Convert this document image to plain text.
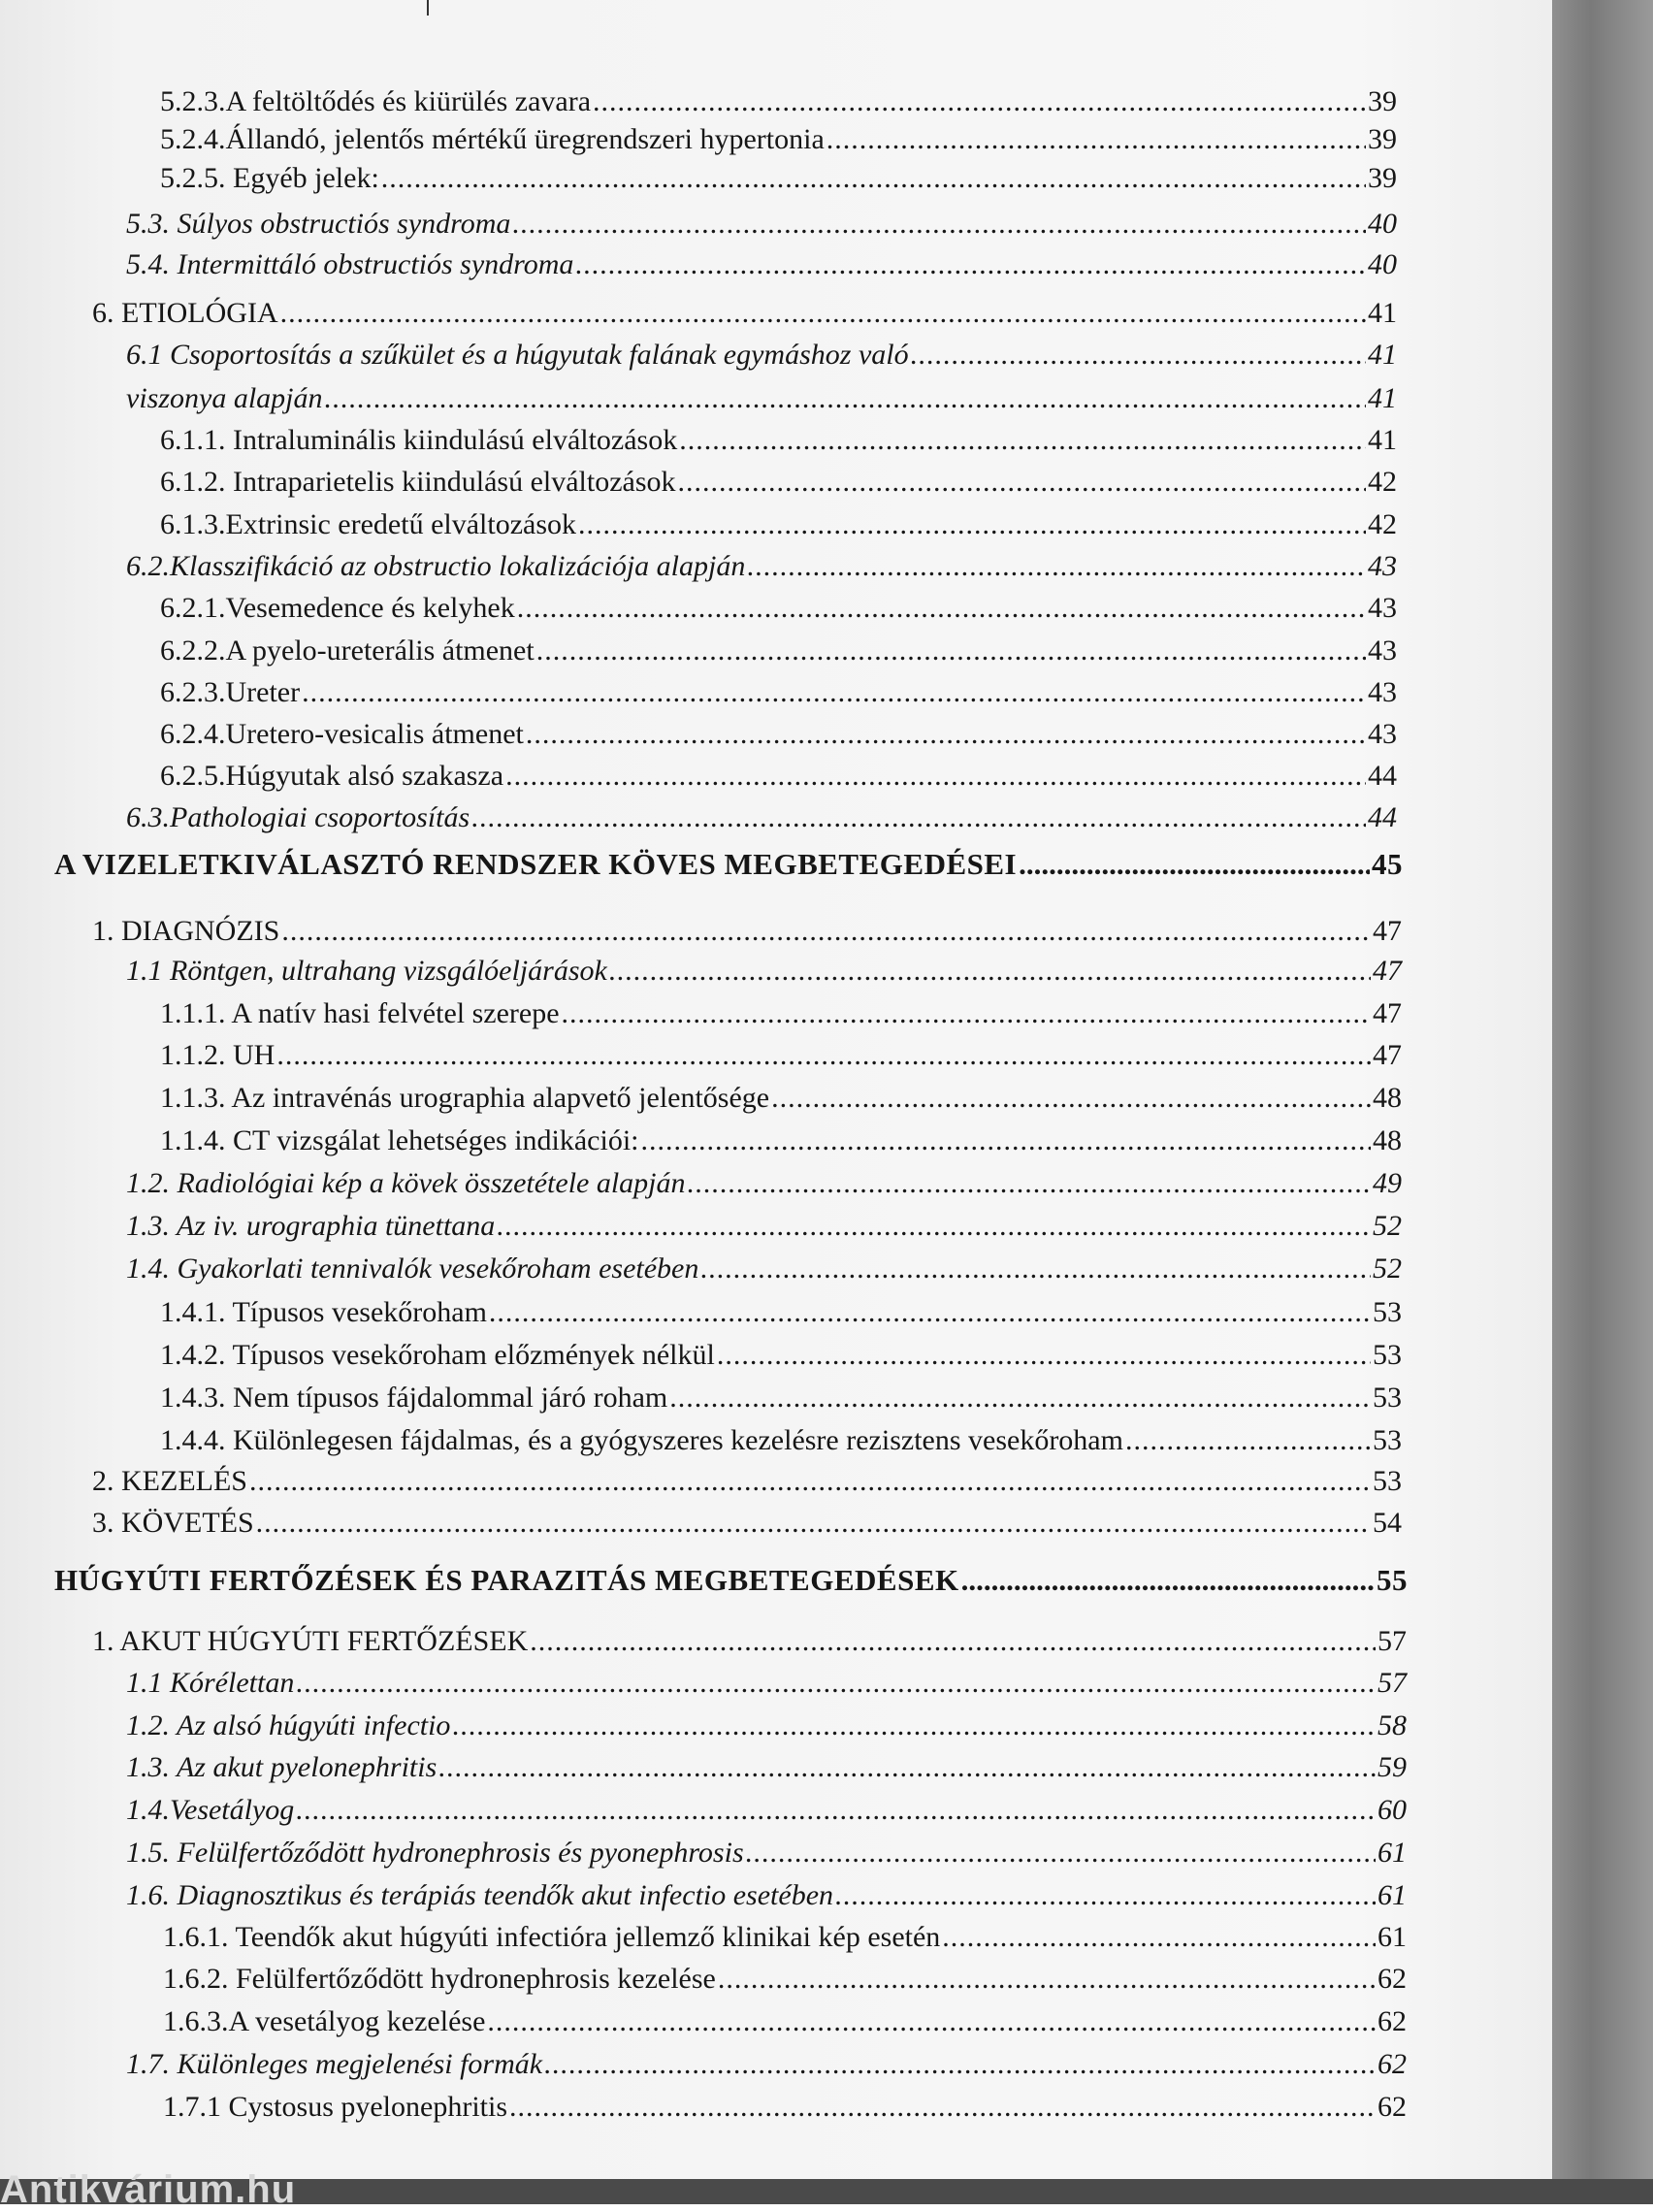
5.2.3.A feltöltődés és kiürülés zavara .....	39
5.2.4.Állandó, jelentős mértékű üregrendszeri hypertonia .....	39
5.2.5. Egyéb jelek: .....	39
5.3. Súlyos obstructiós syndroma .....	40
5.4. Intermittáló obstructiós syndroma .....	40
6. ETIOLÓGIA .....	41
6.1 Csoportosítás a szűkület és a húgyutak falának egymáshoz való .....	41
viszonya alapján .....	41
6.1.1. Intraluminális kiindulású elváltozások .....	41
6.1.2. Intraparietelis kiindulású elváltozások .....	42
6.1.3.Extrinsic eredetű elváltozások .....	42
6.2.Klasszifikáció az obstructio lokalizációja alapján .....	43
6.2.1.Vesemedence és kelyhek .....	43
6.2.2.A pyelo-ureterális átmenet .....	43
6.2.3.Ureter .....	43
6.2.4.Uretero-vesicalis átmenet .....	43
6.2.5.Húgyutak alsó szakasza .....	44
6.3.Pathologiai csoportosítás .....	44
A VIZELETKIVÁLASZTÓ RENDSZER KÖVES MEGBETEGEDÉSEI .....	45
1. DIAGNÓZIS .....	47
1.1 Röntgen, ultrahang vizsgálóeljárások .....	47
1.1.1. A natív hasi felvétel szerepe .....	47
1.1.2. UH .....	47
1.1.3. Az intravénás urographia alapvető jelentősége .....	48
1.1.4. CT vizsgálat lehetséges indikációi: .....	48
1.2. Radiológiai kép a kövek összetétele alapján .....	49
1.3. Az iv. urographia tünettana .....	52
1.4. Gyakorlati tennivalók vesekőroham esetében .....	52
1.4.1. Típusos vesekőroham .....	53
1.4.2. Típusos vesekőroham előzmények nélkül .....	53
1.4.3. Nem típusos fájdalommal járó roham .....	53
1.4.4. Különlegesen fájdalmas, és a gyógyszeres kezelésre rezisztens vesekőroham .....	53
2. KEZELÉS .....	53
3. KÖVETÉS .....	54
HÚGYÚTI FERTŐZÉSEK ÉS PARAZITÁS MEGBETEGEDÉSEK .....	55
1. AKUT HÚGYÚTI FERTŐZÉSEK .....	57
1.1 Kórélettan .....	57
1.2. Az alsó húgyúti infectio .....	58
1.3. Az akut pyelonephritis .....	59
1.4.Vesetályog .....	60
1.5. Felülfertőződött hydronephrosis és pyonephrosis .....	61
1.6. Diagnosztikus és terápiás teendők akut infectio esetében .....	61
1.6.1. Teendők akut húgyúti infectióra jellemző klinikai kép esetén .....	61
1.6.2. Felülfertőződött hydronephrosis kezelése .....	62
1.6.3.A vesetályog kezelése .....	62
1.7. Különleges megjelenési formák .....	62
1.7.1 Cystosus pyelonephritis .....	62
Antikvárium.hu
